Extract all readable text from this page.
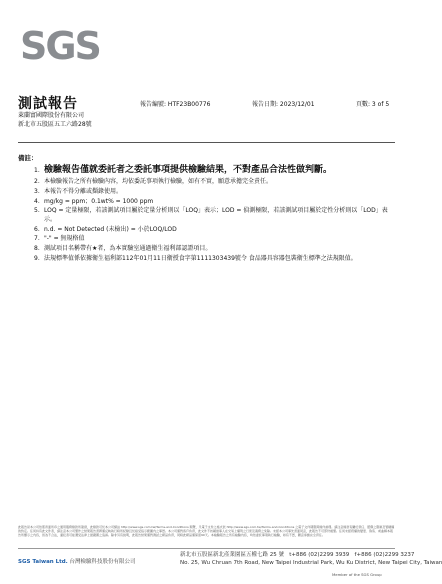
SGS
測試報告	報告編號: HTF23B00776	報告日期: 2023/12/01	頁數: 3 of 5
萊蘭富國際股份有限公司
新北市五股區五工六路28號
備註：
1. 檢驗報告僅就委託者之委託事項提供檢驗結果，不對產品合法性做判斷。
2. 本檢驗報告之所有檢驗內容，均依委託事項執行檢驗，如有不實，願意承擔完全責任。
3. 本報告不得分離或擷錄使用。
4. mg/kg = ppm；0.1wt% = 1000 ppm
5. LOQ = 定量極限，若該測試項目屬於定量分析則以「LOQ」表示；LOD = 偵測極限，若該測試項目屬於定性分析則以「LOD」表示。
6. n.d. = Not Detected (未檢出) = 小於LOQ/LOD
7. "-" = 無規格值
8. 測試項目名稱帶有★者，為本實驗室通過衛生福利部認證項目。
9. 法規標準值係依據衛生福利部112年01月11日衛授食字第1111303439號令 食品器具容器包裝衛生標準之法規限值。
此報告是本公司依照背面所印之通用服務條款所簽發，此條款可於本公司網站 http://www.sgs.com.tw/Terms-and-Conditions 閱覽，凡電子文件之格式依 http://www.sgs.com.tw/Terms-and-Conditions 之電子文件期限與條件處理。請注意條款有關於責任、賠償之限制及管轄權的約定。任何持有此文件者，請注意本公司製作之結果報告書將僅反映執行時所紀錄且於接受指示範圍內之事實。本公司僅對客戶負責，此文件不妨礙當事人在交易上權利之行使及義務之免除。未經本公司事先書面同意，此報告不可部份複製。任何未經授權的變更、偽造、或曲解本報告所顯示之內容，皆為不合法，違犯者可能遭受法律上最嚴厲之追訴。除非另有說明，此報告結果僅對測試之樣品負責，同時此樣品僅保留90天。本檢驗報告之所有檢驗內容，均依委託事項執行檢驗，如有不實，願意承擔完全責任。
SGS Taiwan Ltd. 台灣檢驗科技股份有限公司
新北市五股區新北產業園區五權七路 25 號 t+886 (02)2299 3939 f+886 (02)2299 3237
No. 25, Wu Chruan 7th Road, New Taipei Industrial Park, Wu Ku District, New Taipei City, Taiwan
Member of the SGS Group
